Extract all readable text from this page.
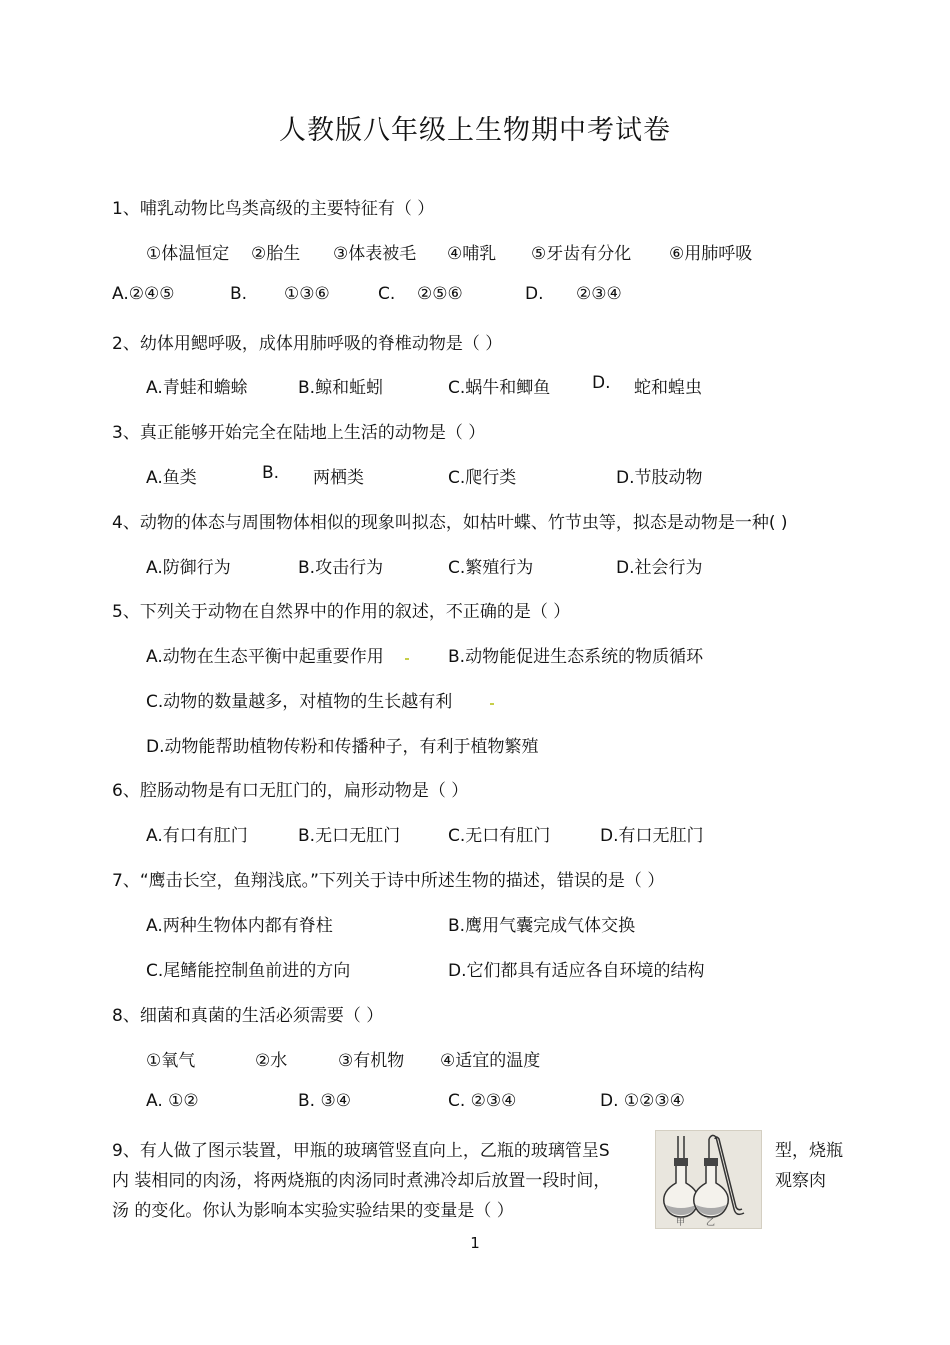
人教版八年级上生物期中考试卷
1、哺乳动物比鸟类高级的主要特征有（ ）
①体温恒定 ②胎生 ③体表被毛 ④哺乳 ⑤牙齿有分化 ⑥用肺呼吸
A.②④⑤	B. ①③⑥	C. ②⑤⑥	D. ②③④
2、幼体用鳃呼吸，成体用肺呼吸的脊椎动物是（ ）
A.青蛙和蟾蜍	B.鲸和蚯蚓	C.蜗牛和鲫鱼 D. 蛇和蝗虫
3、真正能够开始完全在陆地上生活的动物是（ ）
A.鱼类	B. 两栖类	C.爬行类	D.节肢动物
4、动物的体态与周围物体相似的现象叫拟态，如枯叶蝶、竹节虫等，拟态是动物是一种( )
A.防御行为	B.攻击行为	C.繁殖行为	D.社会行为
5、下列关于动物在自然界中的作用的叙述，不正确的是（ ）
A.动物在生态平衡中起重要作用	B.动物能促进生态系统的物质循环
C.动物的数量越多，对植物的生长越有利
D.动物能帮助植物传粉和传播种子，有利于植物繁殖
6、腔肠动物是有口无肛门的，扁形动物是（ ）
A.有口有肛门	B.无口无肛门	C.无口有肛门	D.有口无肛门
7、“鹰击长空，鱼翔浅底。”下列关于诗中所述生物的描述，错误的是（ ）
A.两种生物体内都有脊柱	B.鹰用气囊完成气体交换
C.尾鳍能控制鱼前进的方向	D.它们都具有适应各自环境的结构
8、细菌和真菌的生活必须需要（ ）
①氧气	②水	③有机物 ④适宜的温度
A. ①②	B. ③④	C. ②③④	D. ①②③④
9、有人做了图示装置，甲瓶的玻璃管竖直向上，乙瓶的玻璃管呈S
内 装相同的肉汤，将两烧瓶的肉汤同时煮沸冷却后放置一段时间，
汤 的变化。你认为影响本实验实验结果的变量是（ ）
型，烧瓶
观察肉
甲 乙
1
